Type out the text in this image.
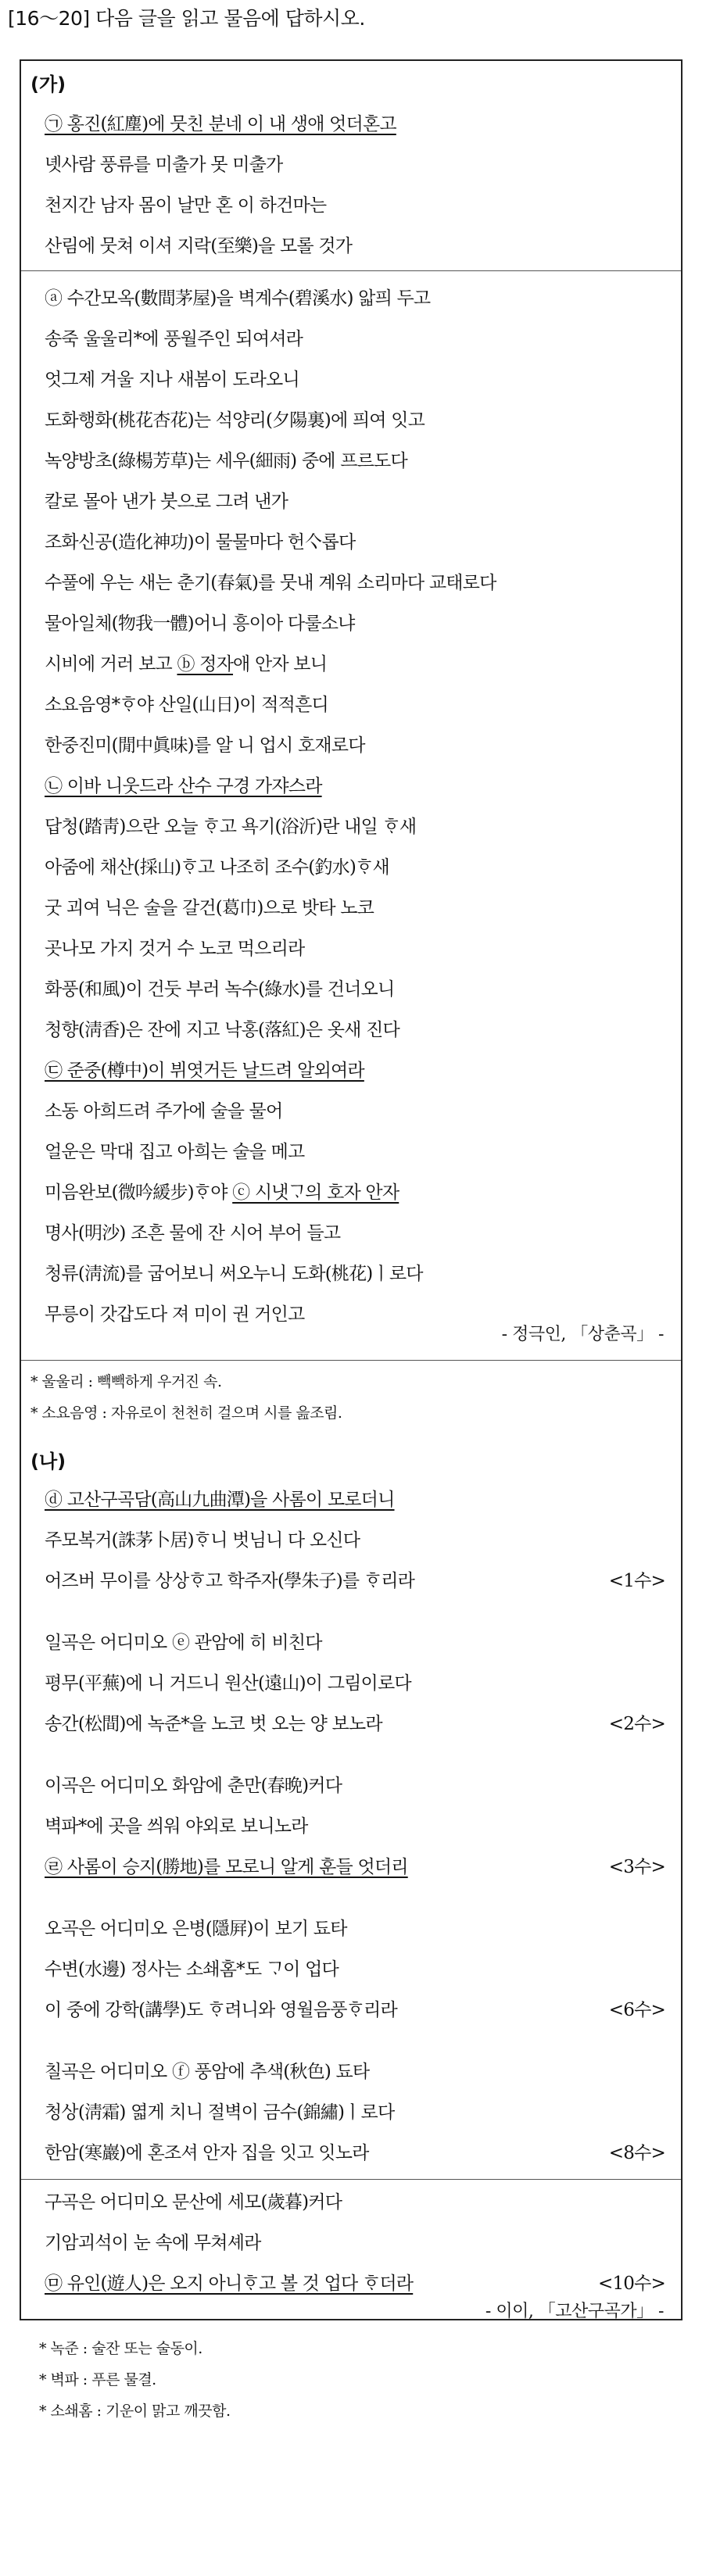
[16～20] 다음 글을 읽고 물음에 답하시오.
(가)
㉠ 홍진(紅塵)에 뭇친 분네 이 내 생애 엇더혼고
녯사람 풍류를 미출가 못 미출가
천지간 남자 몸이 날만 혼 이 하건마는
산림에 뭇쳐 이셔 지락(至樂)을 모롤 것가
ⓐ 수간모옥(數間茅屋)을 벽계수(碧溪水) 앏픠 두고
송죽 울울리*에 풍월주인 되여셔라
엇그제 겨울 지나 새봄이 도라오니
도화행화(桃花杏花)는 석양리(夕陽裏)에 픠여 잇고
녹양방초(綠楊芳草)는 세우(細雨) 중에 프르도다
칼로 몰아 낸가 붓으로 그려 낸가
조화신공(造化神功)이 물물마다 헌亽롭다
수풀에 우는 새는 춘기(春氣)를 뭇내 계워 소리마다 교태로다
물아일체(物我一體)어니 흥이아 다룰소냐
시비에 거러 보고 ⓑ 정자애 안자 보니
소요음영*ᄒᆞ야 산일(山日)이 적적흔디
한중진미(閒中眞味)를 알 니 업시 호재로다
㉡ 이바 니웃드라 산수 구경 가쟈스라
답청(踏靑)으란 오늘 ᄒᆞ고 욕기(浴沂)란 내일 ᄒᆞ새
아줌에 채산(採山)ᄒᆞ고 나조히 조수(釣水)ᄒᆞ새
굿 괴여 닉은 술을 갈건(葛巾)으로 밧타 노코
곳나모 가지 것거 수 노코 먹으리라
화풍(和風)이 건둣 부러 녹수(綠水)를 건너오니
청향(淸香)은 잔에 지고 낙홍(落紅)은 옷새 진다
㉢ 준중(樽中)이 뷔엿거든 날드려 알외여라
소동 아희드려 주가에 술을 물어
얼운은 막대 집고 아희는 술을 메고
미음완보(微吟緩步)ᄒᆞ야 ⓒ 시냇ᄀᆞ의 호자 안자
명사(明沙) 조흔 물에 잔 시어 부어 들고
청류(淸流)를 굽어보니 써오누니 도화(桃花)ㅣ로다
무릉이 갓갑도다 져 미이 권 거인고
- 정극인, 「상춘곡」 -
* 울울리 : 빽빽하게 우거진 속.
* 소요음영 : 자유로이 천천히 걸으며 시를 읊조림.
(나)
ⓓ 고산구곡담(高山九曲潭)을 사롬이 모로더니
주모복거(誅茅卜居)ᄒᆞ니 벗님니 다 오신다
어즈버 무이를 상상ᄒᆞ고 학주자(學朱子)를 ᄒᆞ리라	<1수>
일곡은 어디미오 ⓔ 관암에 히 비친다
평무(平蕪)에 니 거드니 원산(遠山)이 그림이로다
송간(松間)에 녹준*을 노코 벗 오는 양 보노라	<2수>
이곡은 어디미오 화암에 춘만(春晩)커다
벽파*에 곳을 씌워 야외로 보니노라
㉣ 사롬이 승지(勝地)를 모로니 알게 훈들 엇더리	<3수>
오곡은 어디미오 은병(隱屛)이 보기 됴타
수변(水邊) 정사는 소쇄홈*도 ᄀᆞ이 업다
이 중에 강학(講學)도 ᄒᆞ려니와 영월음풍ᄒᆞ리라	<6수>
칠곡은 어디미오 ⓕ 풍암에 추색(秋色) 됴타
청상(淸霜) 엷게 치니 절벽이 금수(錦繡)ㅣ로다
한암(寒巖)에 혼조셔 안자 집을 잇고 잇노라	<8수>
구곡은 어디미오 문산에 세모(歲暮)커다
기암괴석이 눈 속에 무쳐셰라
㉤ 유인(遊人)은 오지 아니ᄒᆞ고 볼 것 업다 ᄒᆞ더라	<10수>
- 이이, 「고산구곡가」 -
* 녹준 : 술잔 또는 술동이.
* 벽파 : 푸른 물결.
* 소쇄홈 : 기운이 맑고 깨끗함.
